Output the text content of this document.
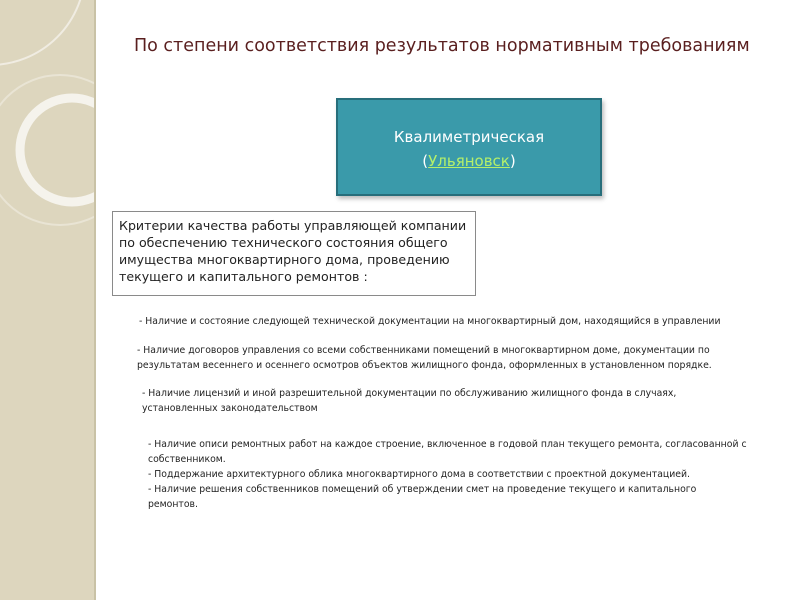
По степени соответствия результатов нормативным требованиям
Квалиметрическая
(Ульяновск)
Критерии качества работы управляющей компании по обеспечению технического состояния общего имущества многоквартирного дома, проведению текущего и капитального ремонтов :
- Наличие и состояние следующей технической документации на многоквартирный дом, находящийся в управлении
- Наличие договоров управления со всеми собственниками помещений в многоквартирном доме, документации по результатам весеннего и осеннего осмотров объектов жилищного фонда, оформленных в установленном порядке.
- Наличие лицензий и иной разрешительной документации по обслуживанию жилищного фонда в случаях, установленных законодательством
- Наличие описи ремонтных работ на каждое строение, включенное в годовой план текущего ремонта, согласованной с собственником.
- Поддержание архитектурного облика многоквартирного дома в соответствии с проектной документацией.
- Наличие решения собственников помещений об утверждении смет на проведение текущего и капитального ремонтов.
